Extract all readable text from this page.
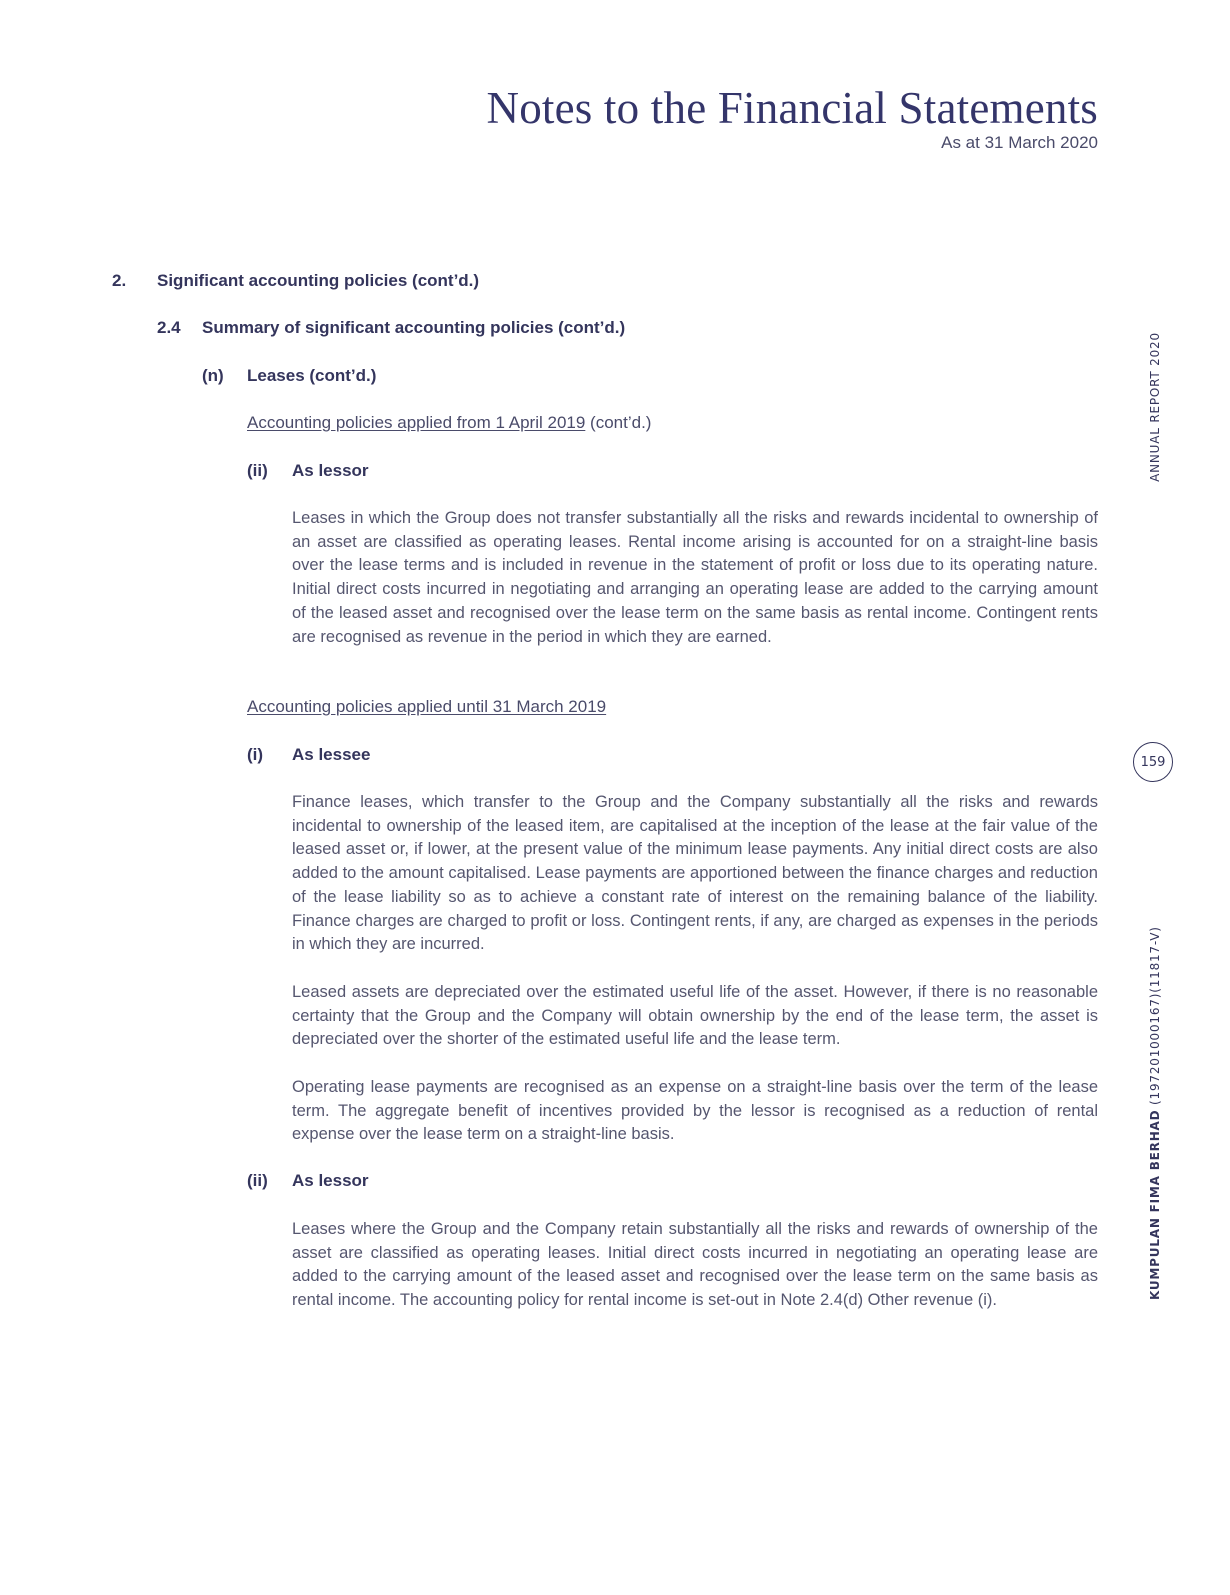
Notes to the Financial Statements
As at 31 March 2020
2. Significant accounting policies (cont’d.)
2.4 Summary of significant accounting policies (cont’d.)
(n) Leases (cont’d.)
Accounting policies applied from 1 April 2019 (cont’d.)
(ii) As lessor

Leases in which the Group does not transfer substantially all the risks and rewards incidental to ownership of an asset are classified as operating leases. Rental income arising is accounted for on a straight-line basis over the lease terms and is included in revenue in the statement of profit or loss due to its operating nature. Initial direct costs incurred in negotiating and arranging an operating lease are added to the carrying amount of the leased asset and recognised over the lease term on the same basis as rental income. Contingent rents are recognised as revenue in the period in which they are earned.

Accounting policies applied until 31 March 2019
(i) As lessee

Finance leases, which transfer to the Group and the Company substantially all the risks and rewards incidental to ownership of the leased item, are capitalised at the inception of the lease at the fair value of the leased asset or, if lower, at the present value of the minimum lease payments. Any initial direct costs are also added to the amount capitalised. Lease payments are apportioned between the finance charges and reduction of the lease liability so as to achieve a constant rate of interest on the remaining balance of the liability. Finance charges are charged to profit or loss. Contingent rents, if any, are charged as expenses in the periods in which they are incurred.

Leased assets are depreciated over the estimated useful life of the asset. However, if there is no reasonable certainty that the Group and the Company will obtain ownership by the end of the lease term, the asset is depreciated over the shorter of the estimated useful life and the lease term.

Operating lease payments are recognised as an expense on a straight-line basis over the term of the lease term. The aggregate benefit of incentives provided by the lessor is recognised as a reduction of rental expense over the lease term on a straight-line basis.

(ii) As lessor

Leases where the Group and the Company retain substantially all the risks and rewards of ownership of the asset are classified as operating leases. Initial direct costs incurred in negotiating an operating lease are added to the carrying amount of the leased asset and recognised over the lease term on the same basis as rental income. The accounting policy for rental income is set-out in Note 2.4(d) Other revenue (i).

ANNUAL REPORT 2020
159
KUMPULAN FIMA BERHAD (197201000167)(11817-V)
